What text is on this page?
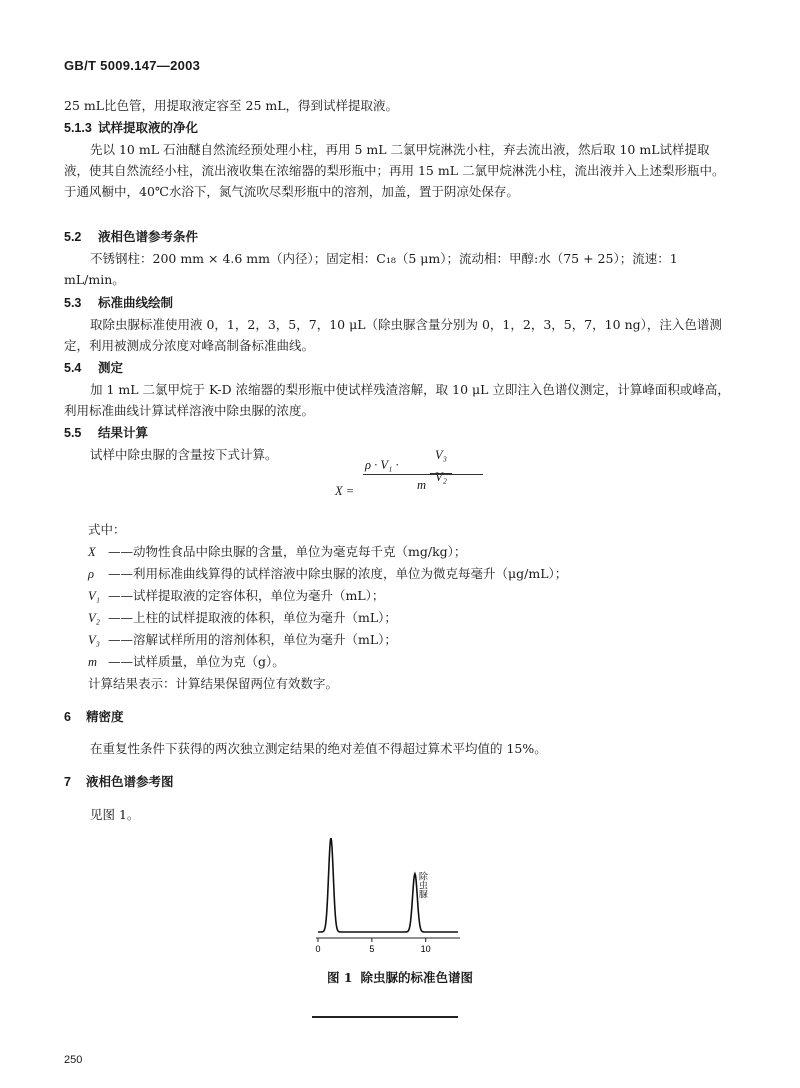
GB/T 5009.147—2003
25 mL比色管，用提取液定容至 25 mL，得到试样提取液。
5.1.3 试样提取液的净化
先以 10 mL 石油醚自然流经预处理小柱，再用 5 mL 二氯甲烷淋洗小柱，弃去流出液，然后取 10 mL试样提取液，使其自然流经小柱，流出液收集在浓缩器的梨形瓶中；再用 15 mL 二氯甲烷淋洗小柱，流出液并入上述梨形瓶中。于通风橱中，40℃水浴下，氮气流吹尽梨形瓶中的溶剂，加盖，置于阴凉处保存。
5.2 液相色谱参考条件
不锈钢柱：200 mm × 4.6 mm（内径）；固定相：C₁₈（5 μm）；流动相：甲醇:水（75 + 25）；流速：1 mL/min。
5.3 标准曲线绘制
取除虫脲标准使用液 0，1，2，3，5，7，10 μL（除虫脲含量分别为 0，1，2，3，5，7，10 ng），注入色谱测定，利用被测成分浓度对峰高制备标准曲线。
5.4 测定
加 1 mL 二氯甲烷于 K-D 浓缩器的梨形瓶中使试样残渣溶解，取 10 μL 立即注入色谱仪测定，计算峰面积或峰高，利用标准曲线计算试样溶液中除虫脲的浓度。
5.5 结果计算
试样中除虫脲的含量按下式计算。
X =
ρ · V₁ ·
V₃

V₂
m
式中：
X ——动物性食品中除虫脲的含量，单位为毫克每千克（mg/kg）；
ρ ——利用标准曲线算得的试样溶液中除虫脲的浓度，单位为微克每毫升（μg/mL）；
V₁ ——试样提取液的定容体积，单位为毫升（mL）；
V₂ ——上柱的试样提取液的体积，单位为毫升（mL）；
V₃ ——溶解试样所用的溶剂体积，单位为毫升（mL）；
m ——试样质量，单位为克（g）。
计算结果表示：计算结果保留两位有效数字。
6 精密度
在重复性条件下获得的两次独立测定结果的绝对差值不得超过算术平均值的 15%。
7 液相色谱参考图
见图 1。
0	5	10
除虫脲
图 1 除虫脲的标准色谱图
250
